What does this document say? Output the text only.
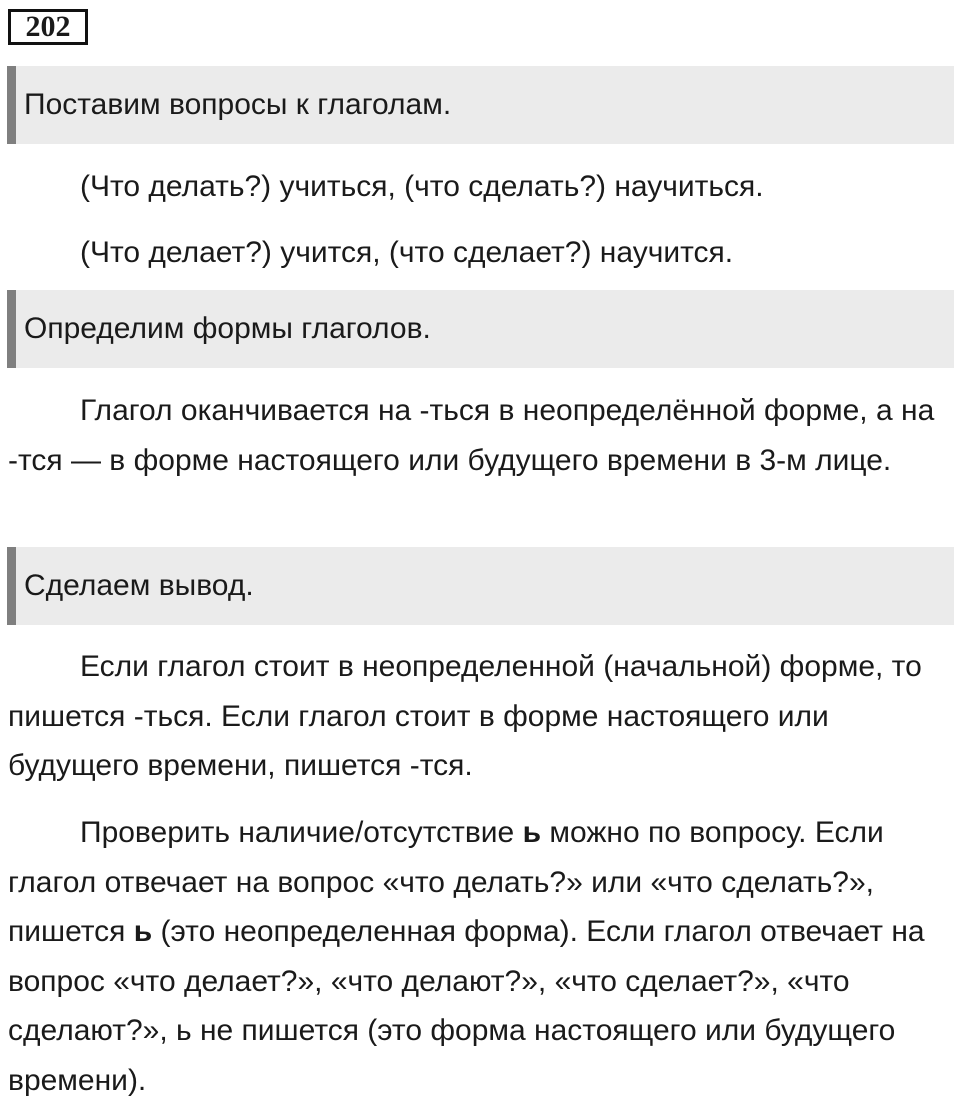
202
Поставим вопросы к глаголам.

(Что делать?) учиться, (что сделать?) научиться.

(Что делает?) учится, (что сделает?) научится.

Определим формы глаголов.

Глагол оканчивается на -ться в неопределённой форме, а на -тся — в форме настоящего или будущего времени в 3-м лице.

Сделаем вывод.

Если глагол стоит в неопределенной (начальной) форме, то пишется -ться. Если глагол стоит в форме настоящего или будущего времени, пишется -тся.

Проверить наличие/отсутствие ь можно по вопросу. Если глагол отвечает на вопрос «что делать?» или «что сделать?», пишется ь (это неопределенная форма). Если глагол отвечает на вопрос «что делает?», «что делают?», «что сделает?», «что сделают?», ь не пишется (это форма настоящего или будущего времени).
